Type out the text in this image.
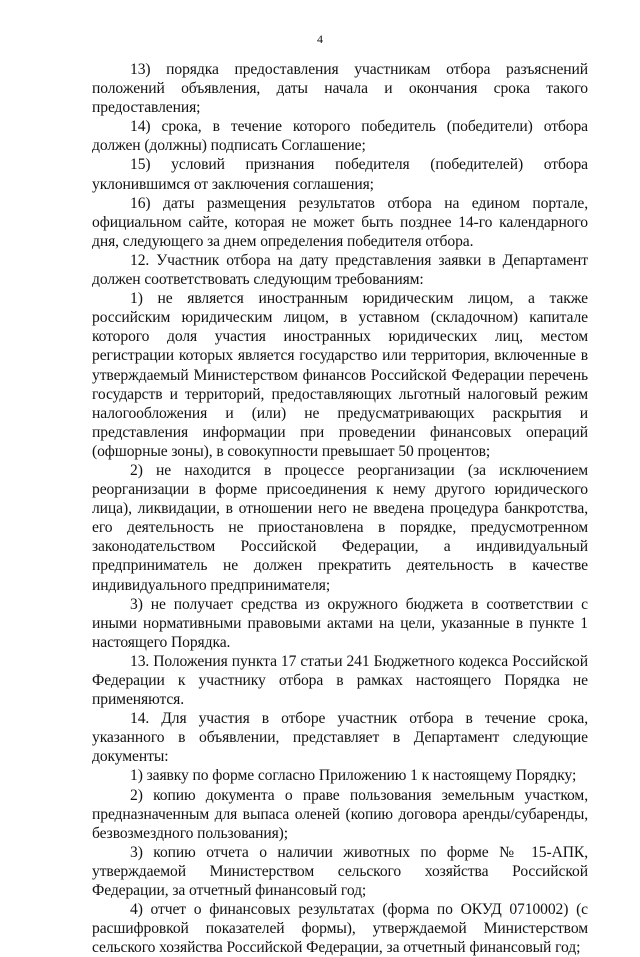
4

13) порядка предоставления участникам отбора разъяснений положений объявления, даты начала и окончания срока такого предоставления;

14) срока, в течение которого победитель (победители) отбора должен (должны) подписать Соглашение;

15) условий признания победителя (победителей) отбора уклонившимся от заключения соглашения;

16) даты размещения результатов отбора на едином портале, официальном сайте, которая не может быть позднее 14-го календарного дня, следующего за днем определения победителя отбора.

12. Участник отбора на дату представления заявки в Департамент должен соответствовать следующим требованиям:

1) не является иностранным юридическим лицом, а также российским юридическим лицом, в уставном (складочном) капитале которого доля участия иностранных юридических лиц, местом регистрации которых является государство или территория, включенные в утверждаемый Министерством финансов Российской Федерации перечень государств и территорий, предоставляющих льготный налоговый режим налогообложения и (или) не предусматривающих раскрытия и представления информации при проведении финансовых операций (офшорные зоны), в совокупности превышает 50 процентов;

2) не находится в процессе реорганизации (за исключением реорганизации в форме присоединения к нему другого юридического лица), ликвидации, в отношении него не введена процедура банкротства, его деятельность не приостановлена в порядке, предусмотренном законодательством Российской Федерации, а индивидуальный предприниматель не должен прекратить деятельность в качестве индивидуального предпринимателя;

3) не получает средства из окружного бюджета в соответствии с иными нормативными правовыми актами на цели, указанные в пункте 1 настоящего Порядка.

13. Положения пункта 17 статьи 241 Бюджетного кодекса Российской Федерации к участнику отбора в рамках настоящего Порядка не применяются.

14. Для участия в отборе участник отбора в течение срока, указанного в объявлении, представляет в Департамент следующие документы:

1) заявку по форме согласно Приложению 1 к настоящему Порядку;

2) копию документа о праве пользования земельным участком, предназначенным для выпаса оленей (копию договора аренды/субаренды, безвозмездного пользования);

3) копию отчета о наличии животных по форме № 15-АПК, утверждаемой Министерством сельского хозяйства Российской Федерации, за отчетный финансовый год;

4) отчет о финансовых результатах (форма по ОКУД 0710002) (с расшифровкой показателей формы), утверждаемой Министерством сельского хозяйства Российской Федерации, за отчетный финансовый год;
